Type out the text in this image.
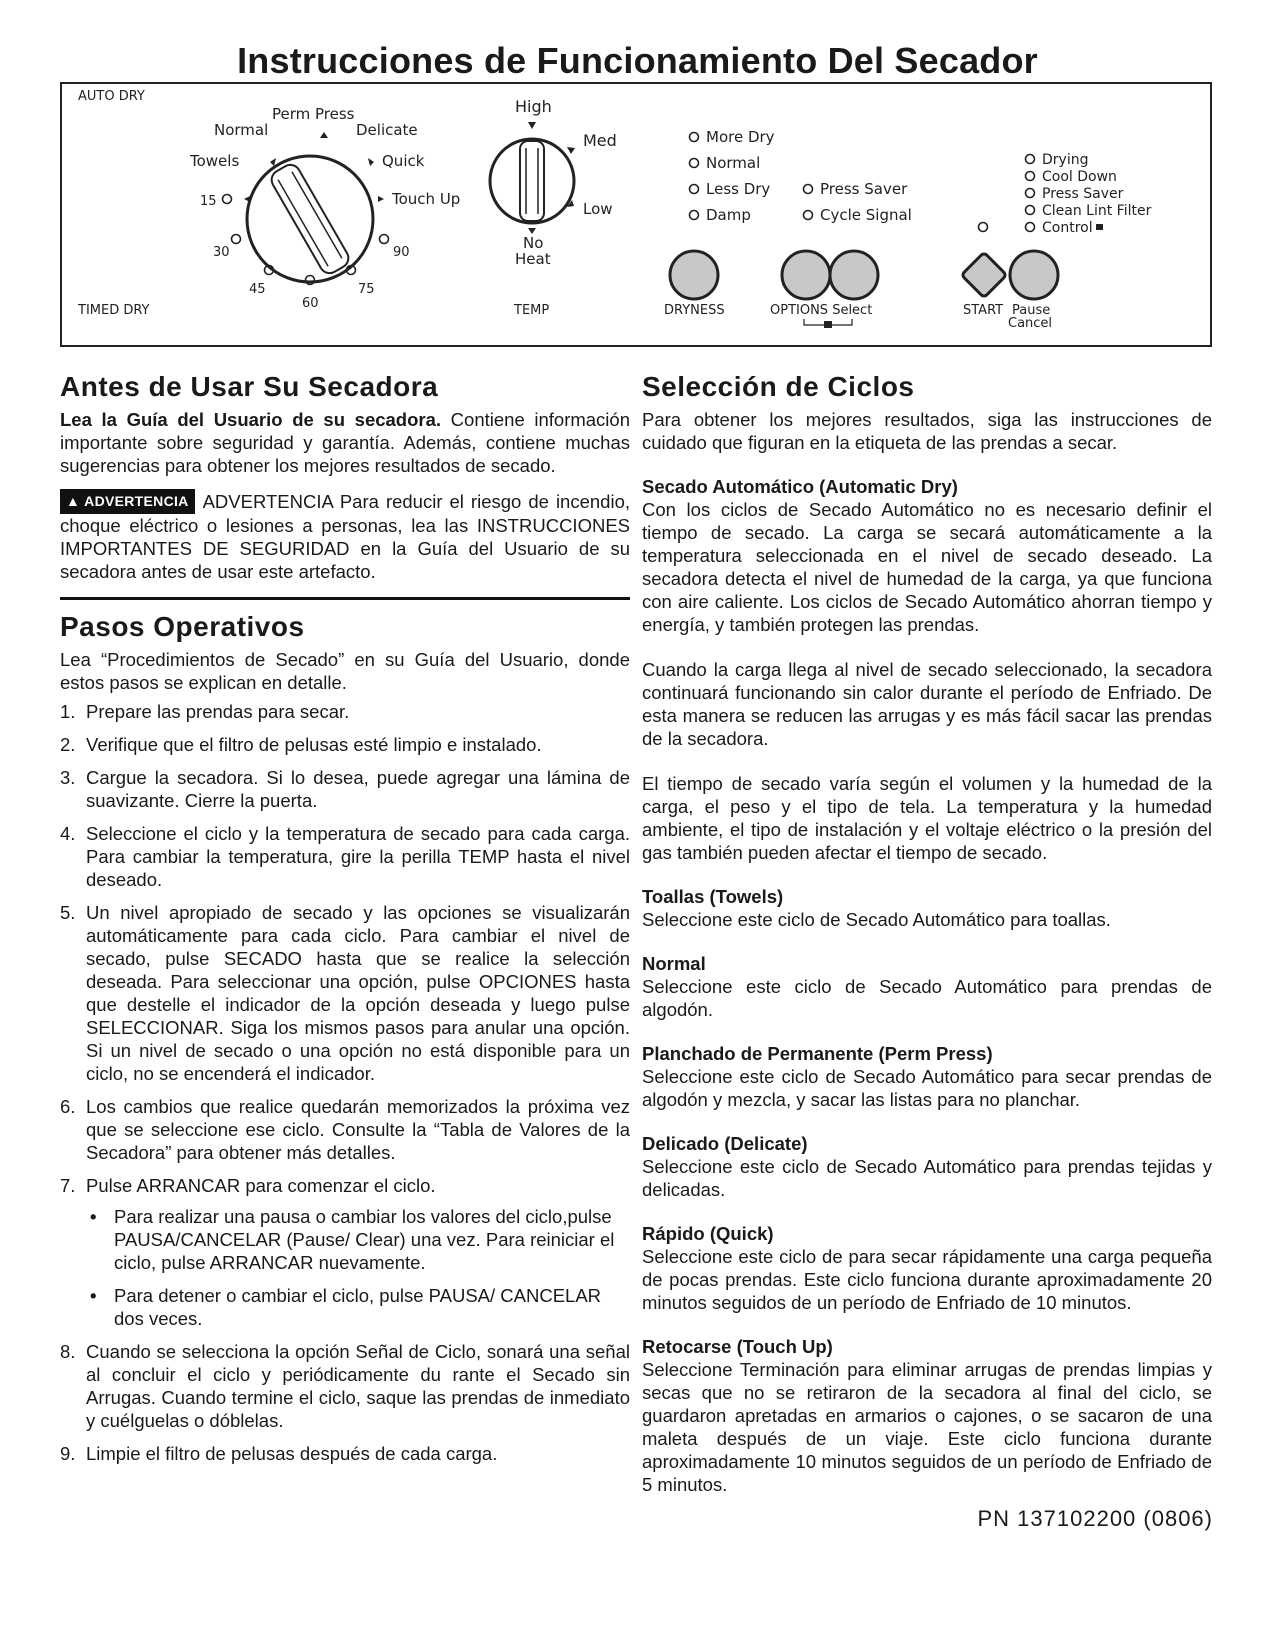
Instrucciones de Funcionamiento Del Secador
AUTO DRY
TIMED DRY
Normal
Perm Press
Delicate
Towels	Quick
Touch Up
15
30
45
60
75
90
High
Med
Low
No
Heat
TEMP
More Dry
Normal
Less Dry
Damp
DRYNESS
Press Saver
Cycle Signal
OPTIONS Select
Drying
Cool Down
Press Saver
Clean Lint Filter
Control
START Pause
Cancel
Antes de Usar Su Secadora

Lea la Guía del Usuario de su secadora. Contiene información importante sobre seguridad y garantía. Además, contiene muchas sugerencias para obtener los mejores resultados de secado.

▲ ADVERTENCIA ADVERTENCIA Para reducir el riesgo de incendio, choque eléctrico o lesiones a personas, lea las INSTRUCCIONES IMPORTANTES DE SEGURIDAD en la Guía del Usuario de su secadora antes de usar este artefacto.

Pasos Operativos

Lea “Procedimientos de Secado” en su Guía del Usuario, donde estos pasos se explican en detalle.

1. Prepare las prendas para secar.
2. Verifique que el filtro de pelusas esté limpio e instalado.
3. Cargue la secadora. Si lo desea, puede agregar una lámina de suavizante. Cierre la puerta.
4. Seleccione el ciclo y la temperatura de secado para cada carga. Para cambiar la temperatura, gire la perilla TEMP hasta el nivel deseado.
5. Un nivel apropiado de secado y las opciones se visualizarán automáticamente para cada ciclo. Para cambiar el nivel de secado, pulse SECADO hasta que se realice la selección deseada. Para seleccionar una opción, pulse OPCIONES hasta que destelle el indicador de la opción deseada y luego pulse SELECCIONAR. Siga los mismos pasos para anular una opción. Si un nivel de secado o una opción no está disponible para un ciclo, no se encenderá el indicador.
6. Los cambios que realice quedarán memorizados la próxima vez que se seleccione ese ciclo. Consulte la “Tabla de Valores de la Secadora” para obtener más detalles.
7. Pulse ARRANCAR para comenzar el ciclo.
• Para realizar una pausa o cambiar los valores del ciclo,pulse PAUSA/CANCELAR (Pause/ Clear) una vez. Para reiniciar el ciclo, pulse ARRANCAR nuevamente.
• Para detener o cambiar el ciclo, pulse PAUSA/ CANCELAR dos veces.
8. Cuando se selecciona la opción Señal de Ciclo, sonará una señal al concluir el ciclo y periódicamente du rante el Secado sin Arrugas. Cuando termine el ciclo, saque las prendas de inmediato y cuélguelas o dóblelas.
9. Limpie el filtro de pelusas después de cada carga.
Selección de Ciclos

Para obtener los mejores resultados, siga las instrucciones de cuidado que figuran en la etiqueta de las prendas a secar.

Secado Automático (Automatic Dry)

Con los ciclos de Secado Automático no es necesario definir el tiempo de secado. La carga se secará automáticamente a la temperatura seleccionada en el nivel de secado deseado. La secadora detecta el nivel de humedad de la carga, ya que funciona con aire caliente. Los ciclos de Secado Automático ahorran tiempo y energía, y también protegen las prendas.

Cuando la carga llega al nivel de secado seleccionado, la secadora continuará funcionando sin calor durante el período de Enfriado. De esta manera se reducen las arrugas y es más fácil sacar las prendas de la secadora.

El tiempo de secado varía según el volumen y la humedad de la carga, el peso y el tipo de tela. La temperatura y la humedad ambiente, el tipo de instalación y el voltaje eléctrico o la presión del gas también pueden afectar el tiempo de secado.

Toallas (Towels)

Seleccione este ciclo de Secado Automático para toallas.

Normal

Seleccione este ciclo de Secado Automático para prendas de algodón.

Planchado de Permanente (Perm Press)

Seleccione este ciclo de Secado Automático para secar prendas de algodón y mezcla, y sacar las listas para no planchar.

Delicado (Delicate)

Seleccione este ciclo de Secado Automático para prendas tejidas y delicadas.

Rápido (Quick)

Seleccione este ciclo de para secar rápidamente una carga pequeña de pocas prendas. Este ciclo funciona durante aproximadamente 20 minutos seguidos de un período de Enfriado de 10 minutos.

Retocarse (Touch Up)

Seleccione Terminación para eliminar arrugas de prendas limpias y secas que no se retiraron de la secadora al final del ciclo, se guardaron apretadas en armarios o cajones, o se sacaron de una maleta después de un viaje. Este ciclo funciona durante aproximadamente 10 minutos seguidos de un período de Enfriado de 5 minutos.

PN 137102200 (0806)
